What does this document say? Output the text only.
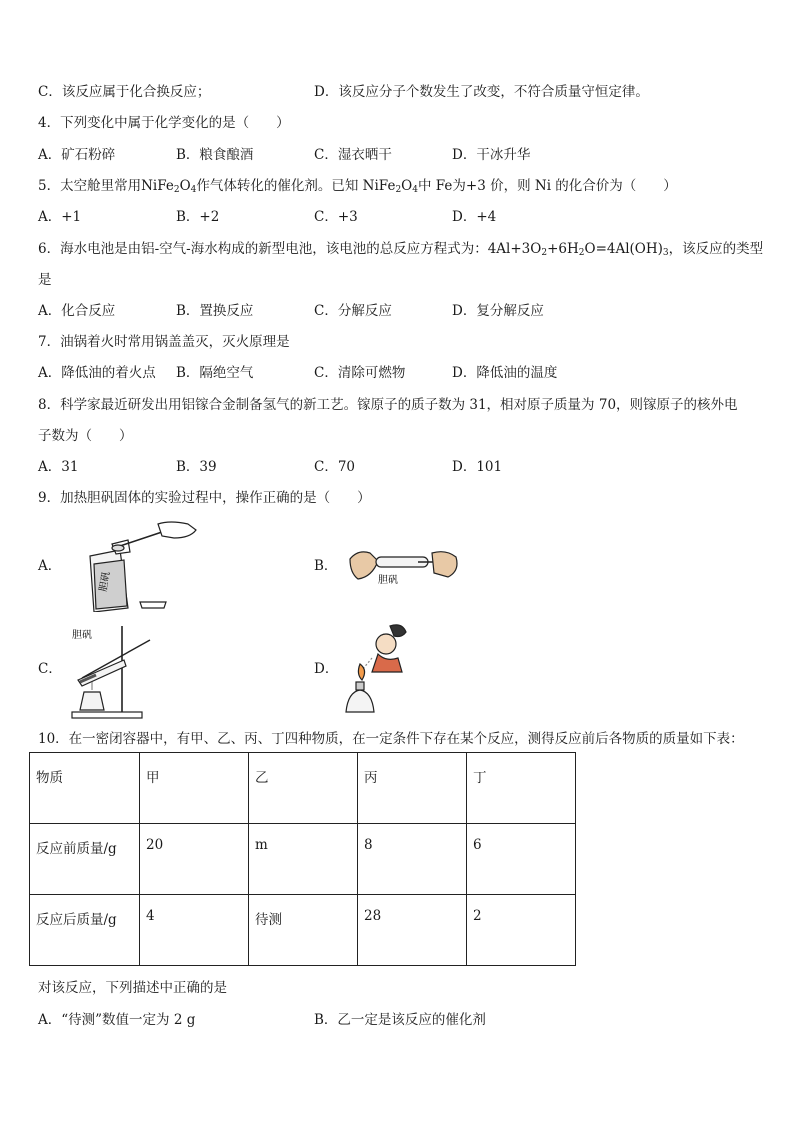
C．该反应属于化合换反应；	D．该反应分子个数发生了改变，不符合质量守恒定律。
4．下列变化中属于化学变化的是（　　）
A．矿石粉碎	B．粮食酿酒	C．湿衣晒干	D．干冰升华
5．太空舱里常用$NiFe_2O_4$作气体转化的催化剂。已知 $NiFe_2O_4$中 Fe为+3 价，则 Ni 的化合价为（　　）
A．+1	B．+2	C．+3	D．+4
6．海水电池是由铝-空气-海水构成的新型电池，该电池的总反应方程式为：$4Al+3O_2+6H_2O=4Al(OH)_3$，该反应的类型
是
A．化合反应	B．置换反应	C．分解反应	D．复分解反应
7．油锅着火时常用锅盖盖灭，灭火原理是
A．降低油的着火点 B．隔绝空气	C．清除可燃物	D．降低油的温度
8．科学家最近研发出用铝镓合金制备氢气的新工艺。镓原子的质子数为 31，相对原子质量为 70，则镓原子的核外电
子数为（　　）
A．31	B．39	C．70	D．101
9．加热胆矾固体的实验过程中，操作正确的是（　　）
A．
胆矾
B．
胆矾
C．
胆矾
D．
10．在一密闭容器中，有甲、乙、丙、丁四种物质，在一定条件下存在某个反应，测得反应前后各物质的质量如下表：
物质	甲	乙	丙	丁
反应前质量/g	20	m	8	6
反应后质量/g	4	待测	28	2
对该反应，下列描述中正确的是
A．“待测”数值一定为 2 g	B．乙一定是该反应的催化剂
